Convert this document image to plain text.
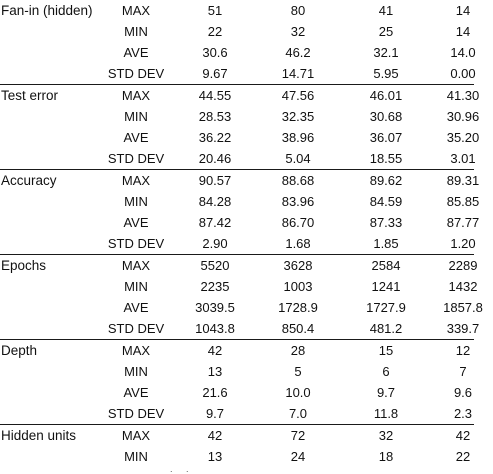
Fan-in (hidden)	MAX	51	80	41	14
MIN	22	32	25	14
AVE	30.6	46.2	32.1	14.0
STD DEV	9.67	14.71	5.95	0.00
Test error	MAX	44.55	47.56	46.01	41.30
MIN	28.53	32.35	30.68	30.96
AVE	36.22	38.96	36.07	35.20
STD DEV	20.46	5.04	18.55	3.01
Accuracy	MAX	90.57	88.68	89.62	89.31
MIN	84.28	83.96	84.59	85.85
AVE	87.42	86.70	87.33	87.77
STD DEV	2.90	1.68	1.85	1.20
Epochs	MAX	5520	3628	2584	2289
MIN	2235	1003	1241	1432
AVE	3039.5	1728.9	1727.9	1857.8
STD DEV	1043.8	850.4	481.2	339.7
Depth	MAX	42	28	15	12
MIN	13	5	6	7
AVE	21.6	10.0	9.7	9.6
STD DEV	9.7	7.0	11.8	2.3
Hidden units	MAX	42	72	32	42
MIN	13	24	18	22
. .
